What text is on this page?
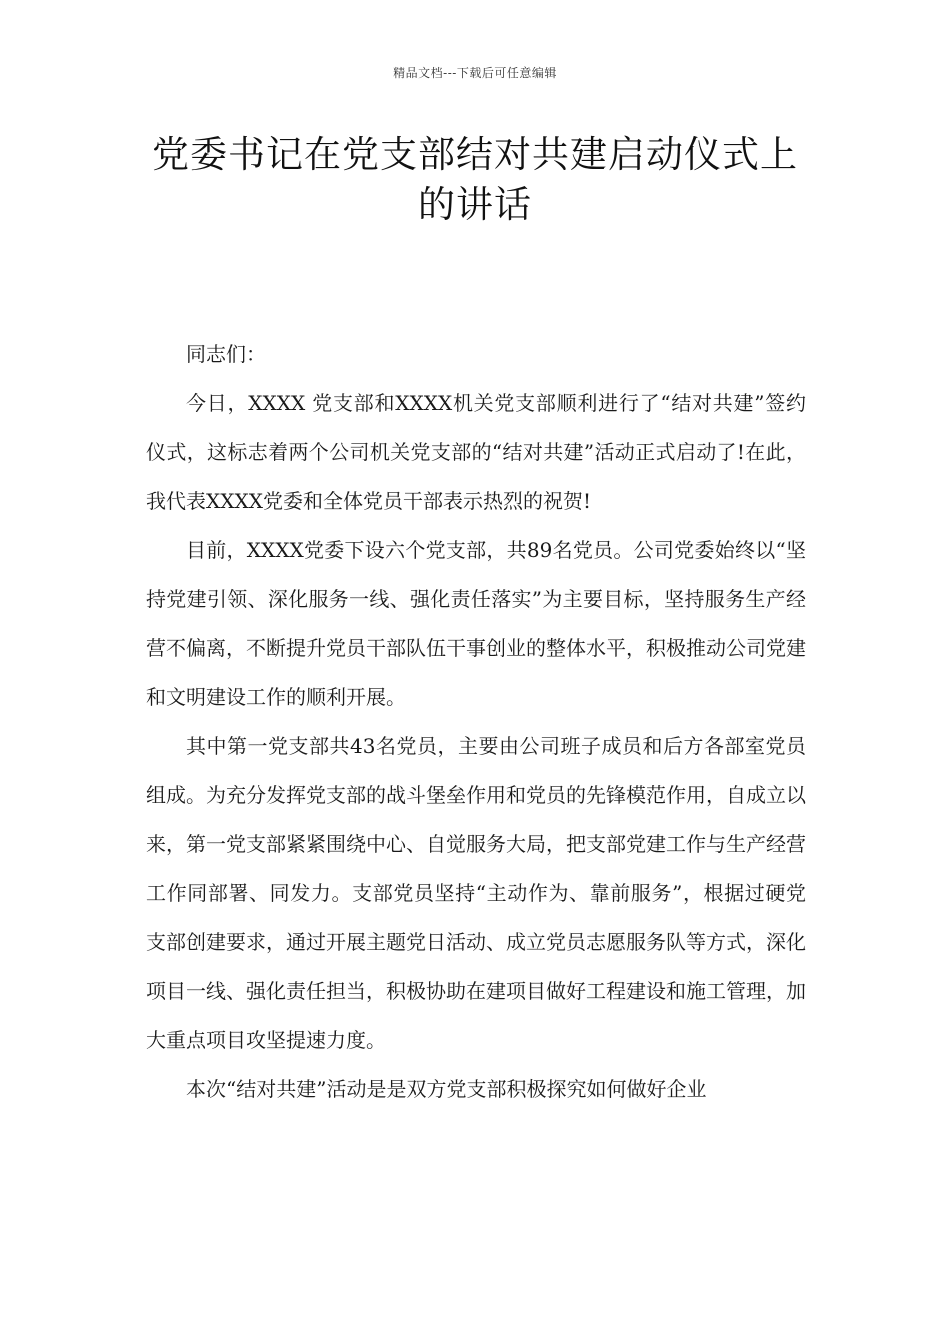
精品文档---下载后可任意编辑
党委书记在党支部结对共建启动仪式上的讲话

同志们：

今日，XXXX 党支部和XXXX机关党支部顺利进行了“结对共建”签约仪式，这标志着两个公司机关党支部的“结对共建”活动正式启动了!在此，我代表XXXX党委和全体党员干部表示热烈的祝贺!

目前，XXXX党委下设六个党支部，共89名党员。公司党委始终以“坚持党建引领、深化服务一线、强化责任落实”为主要目标，坚持服务生产经营不偏离，不断提升党员干部队伍干事创业的整体水平，积极推动公司党建和文明建设工作的顺利开展。

其中第一党支部共43名党员，主要由公司班子成员和后方各部室党员组成。为充分发挥党支部的战斗堡垒作用和党员的先锋模范作用，自成立以来，第一党支部紧紧围绕中心、自觉服务大局，把支部党建工作与生产经营工作同部署、同发力。支部党员坚持“主动作为、靠前服务”，根据过硬党支部创建要求，通过开展主题党日活动、成立党员志愿服务队等方式，深化项目一线、强化责任担当，积极协助在建项目做好工程建设和施工管理，加大重点项目攻坚提速力度。

本次“结对共建”活动是是双方党支部积极探究如何做好企业
